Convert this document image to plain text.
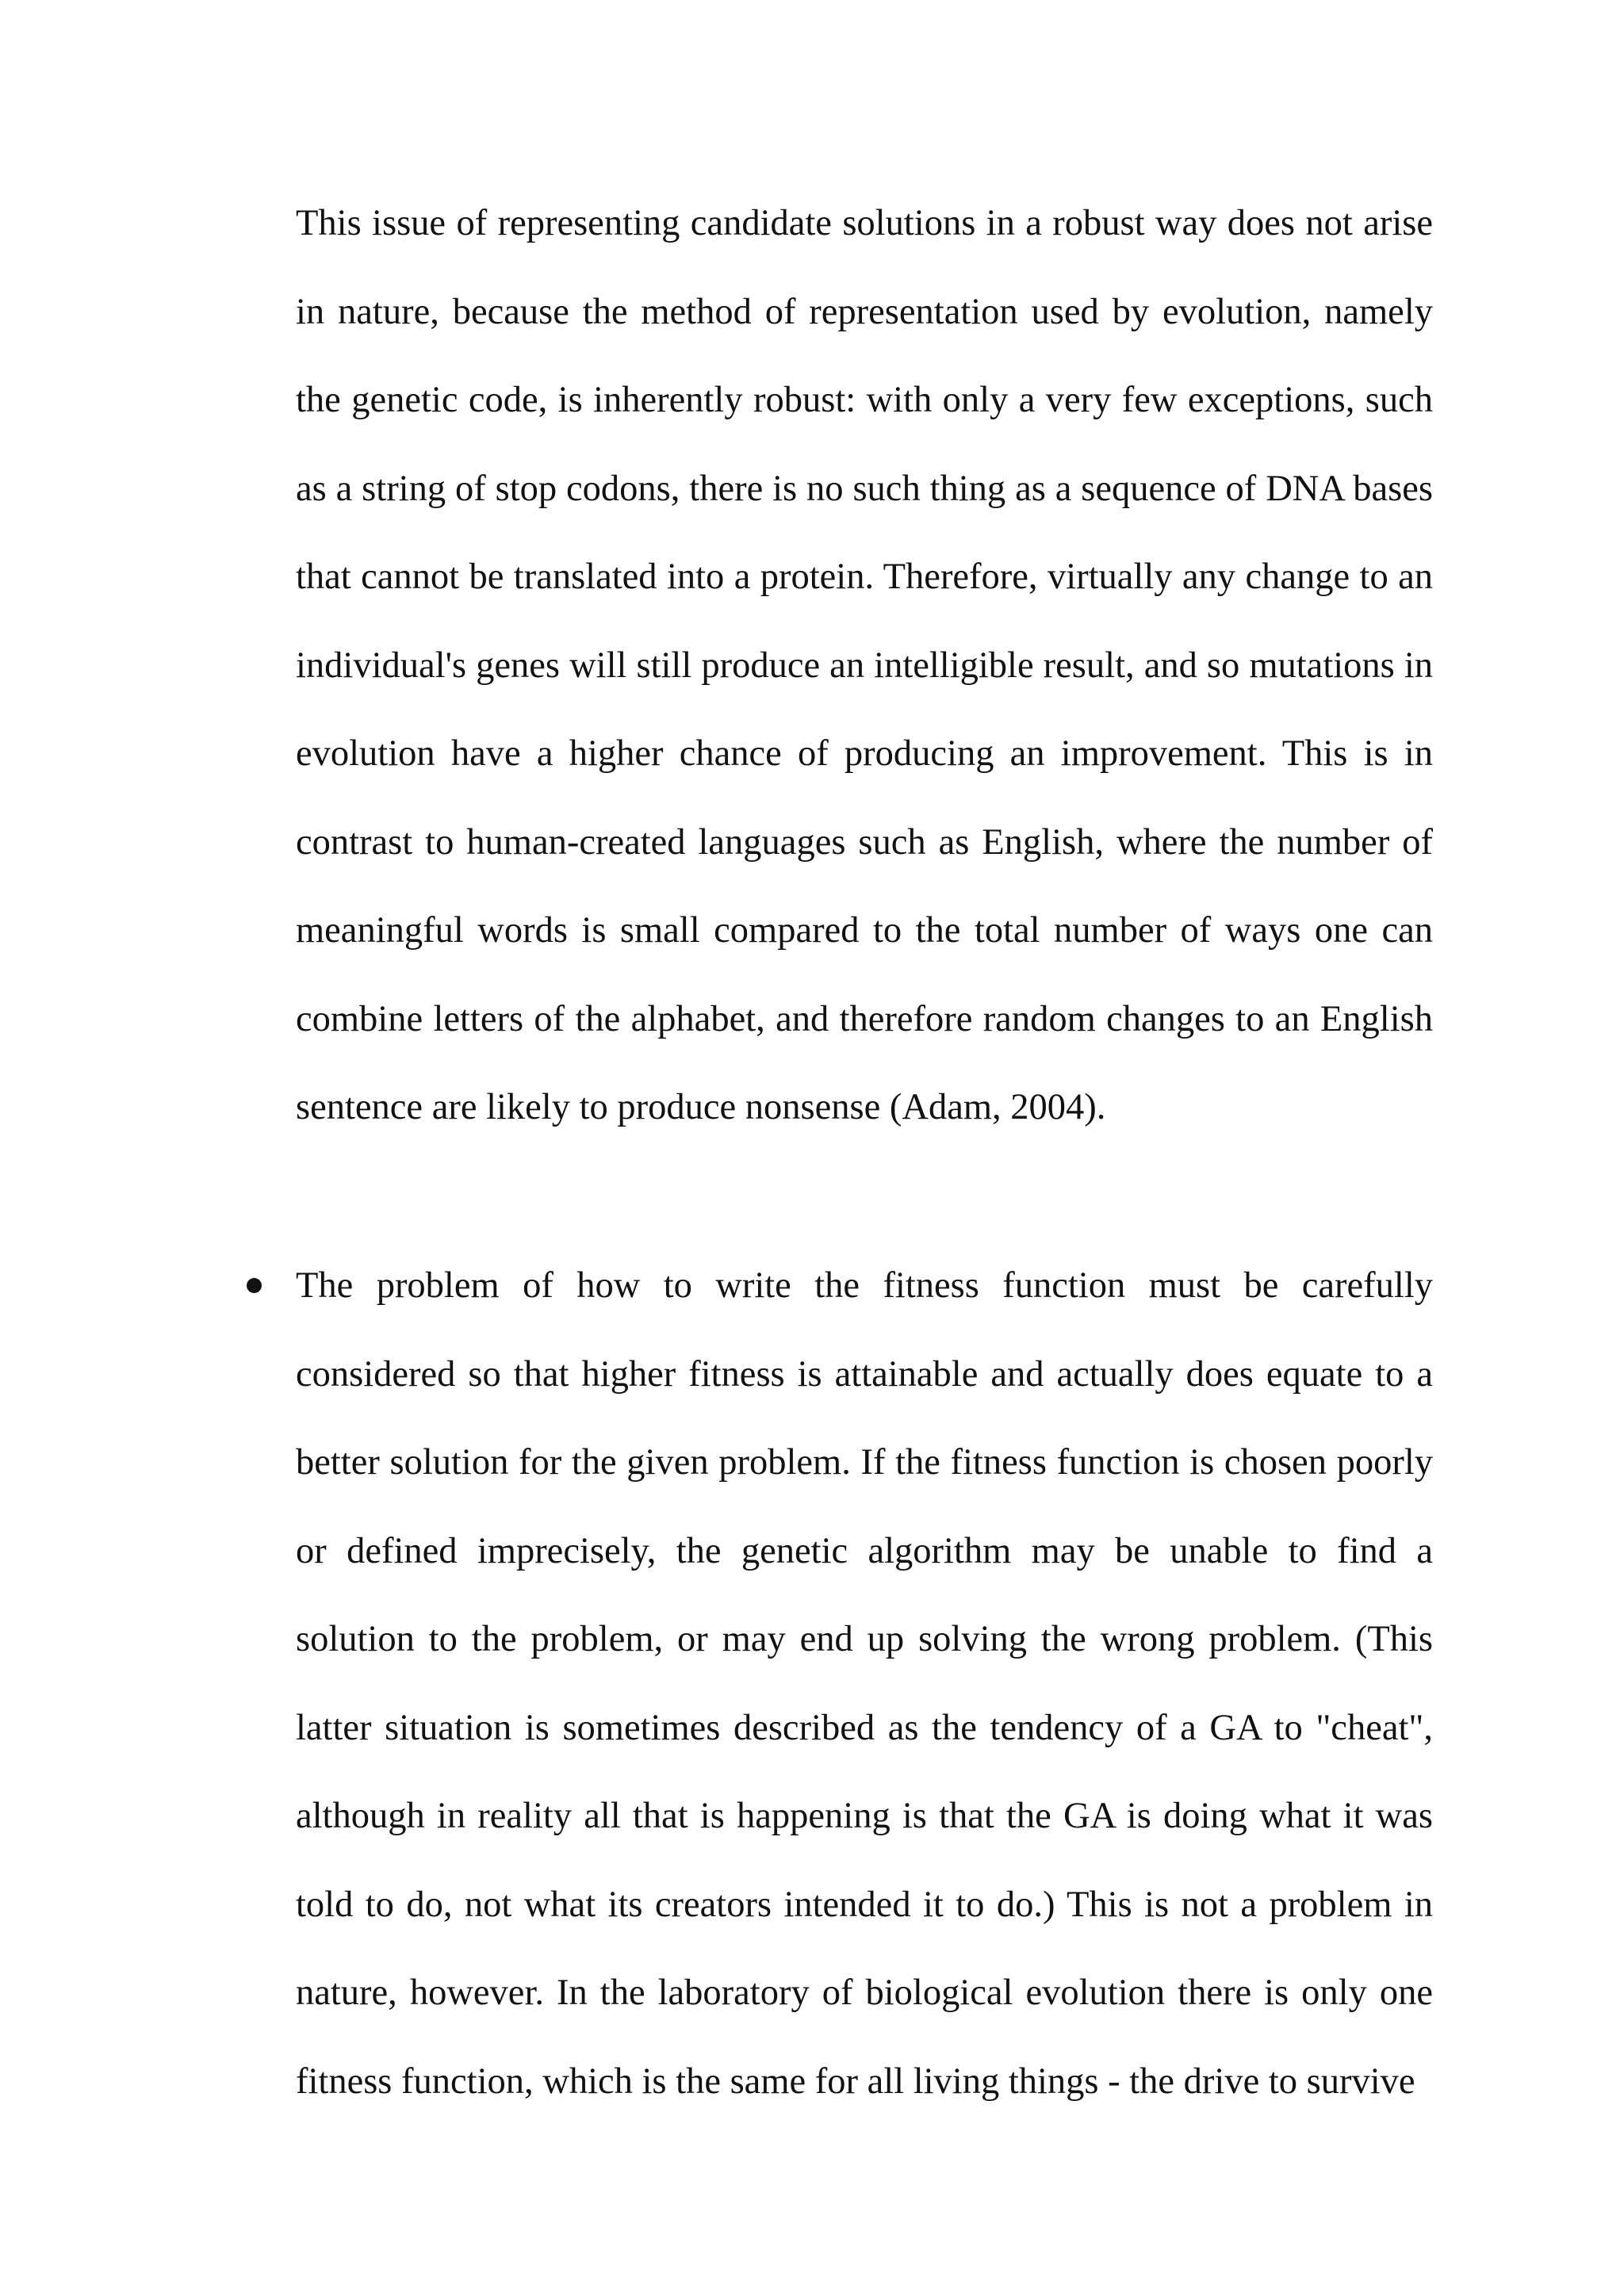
This issue of representing candidate solutions in a robust way does not arise in nature, because the method of representation used by evolution, namely the genetic code, is inherently robust: with only a very few exceptions, such as a string of stop codons, there is no such thing as a sequence of DNA bases that cannot be translated into a protein. Therefore, virtually any change to an individual's genes will still produce an intelligible result, and so mutations in evolution have a higher chance of producing an improvement. This is in contrast to human-created languages such as English, where the number of meaningful words is small compared to the total number of ways one can combine letters of the alphabet, and therefore random changes to an English sentence are likely to produce nonsense (Adam, 2004).

The problem of how to write the fitness function must be carefully considered so that higher fitness is attainable and actually does equate to a better solution for the given problem. If the fitness function is chosen poorly or defined imprecisely, the genetic algorithm may be unable to find a solution to the problem, or may end up solving the wrong problem. (This latter situation is sometimes described as the tendency of a GA to "cheat", although in reality all that is happening is that the GA is doing what it was told to do, not what its creators intended it to do.) This is not a problem in nature, however. In the laboratory of biological evolution there is only one fitness function, which is the same for all living things - the drive to survive
